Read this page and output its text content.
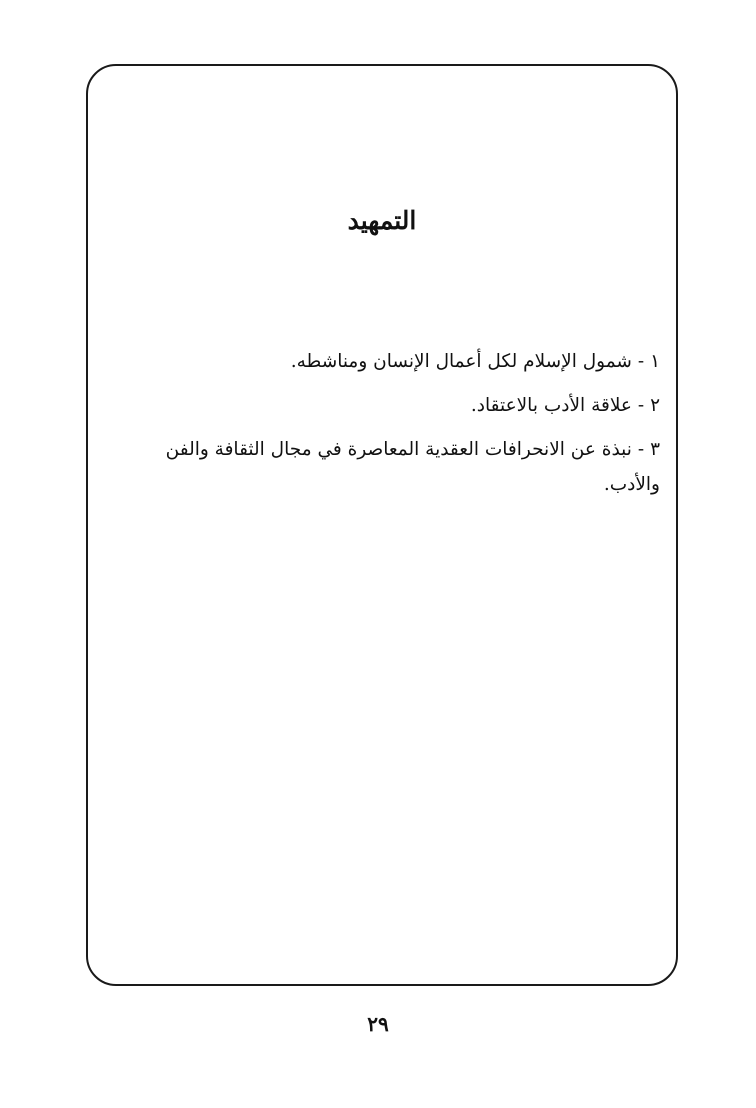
التمهيد
١ -شمول الإسلام لكل أعمال الإنسان ومناشطه.
٢ -علاقة الأدب بالاعتقاد.
٣ -نبذة عن الانحرافات العقدية المعاصرة في مجال الثقافة والفن والأدب.
٢٩
